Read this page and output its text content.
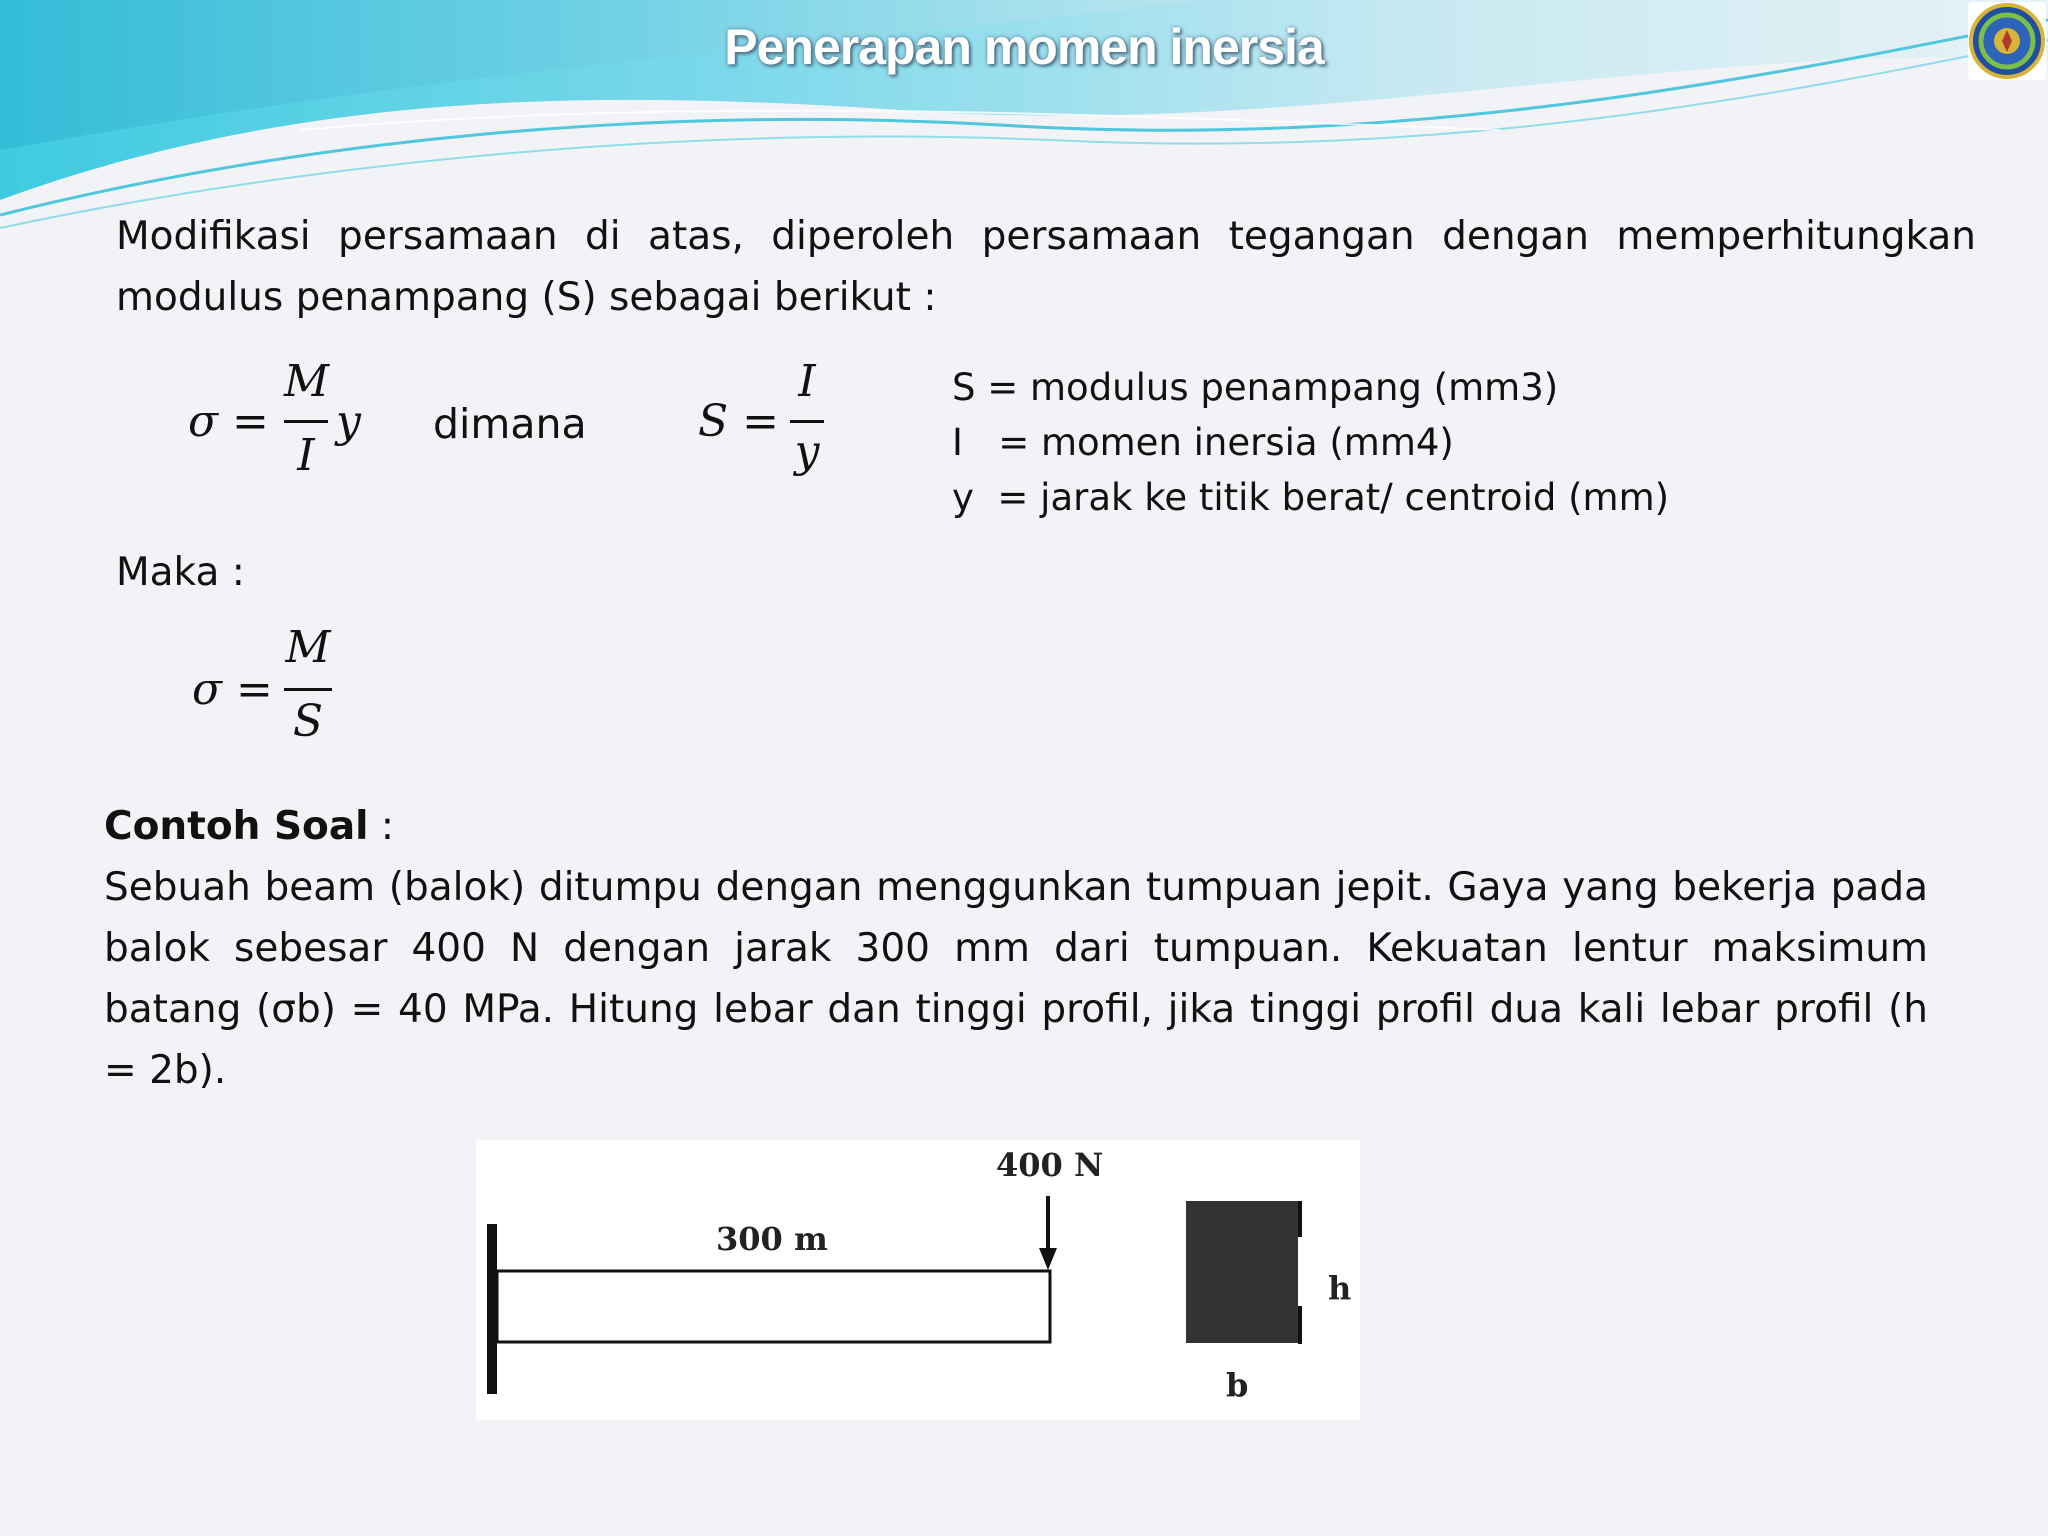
Penerapan momen inersia
Modifikasi persamaan di atas, diperoleh persamaan tegangan dengan memperhitungkan modulus penampang (S) sebagai berikut :
σ =
M
I
y dimana	S =
I
y
S = modulus penampang (mm3)
I   = momen inersia (mm4)
y  = jarak ke titik berat/ centroid (mm)
Maka :
σ =
M
S
Contoh Soal :
Sebuah beam (balok) ditumpu dengan menggunkan tumpuan jepit. Gaya yang bekerja pada balok sebesar 400 N dengan jarak 300 mm dari tumpuan. Kekuatan lentur maksimum batang (σb) = 40 MPa. Hitung lebar dan tinggi profil, jika tinggi profil dua kali lebar profil (h = 2b).
400 N
300 m
h
b
